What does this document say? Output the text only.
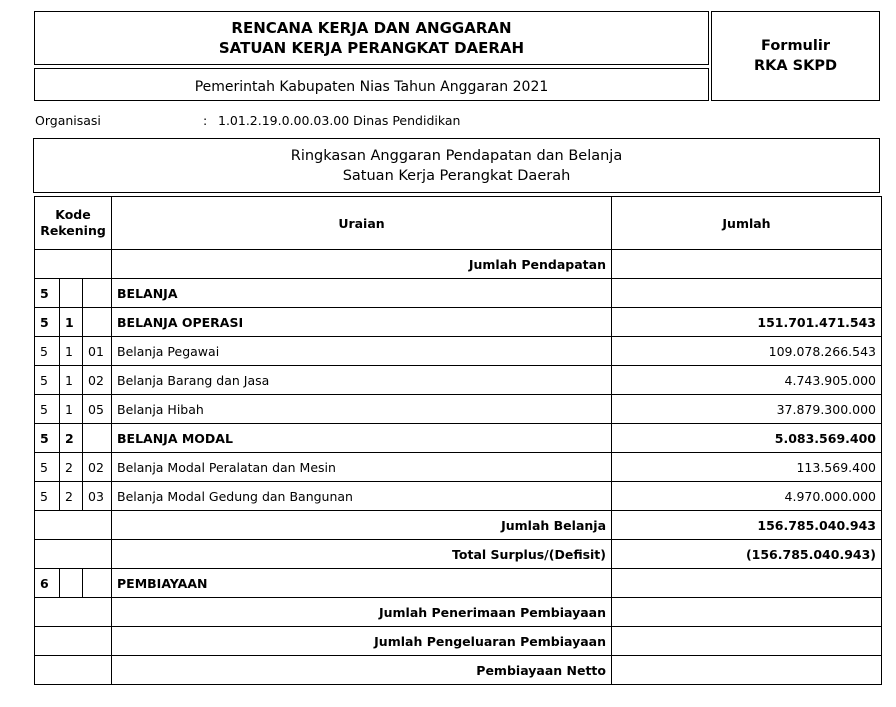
RENCANA KERJA DAN ANGGARAN
SATUAN KERJA PERANGKAT DAERAH
Pemerintah Kabupaten Nias Tahun Anggaran 2021
Formulir
RKA SKPD
Organisasi	: 1.01.2.19.0.00.03.00 Dinas Pendidikan
Ringkasan Anggaran Pendapatan dan Belanja
Satuan Kerja Perangkat Daerah
Kode
Rekening			Uraian	Jumlah
			Jumlah Pendapatan	
5			BELANJA	
5	1		BELANJA OPERASI	151.701.471.543
5	1	01	Belanja Pegawai	109.078.266.543
5	1	02	Belanja Barang dan Jasa	4.743.905.000
5	1	05	Belanja Hibah	37.879.300.000
5	2		BELANJA MODAL	5.083.569.400
5	2	02	Belanja Modal Peralatan dan Mesin	113.569.400
5	2	03	Belanja Modal Gedung dan Bangunan	4.970.000.000
			Jumlah Belanja	156.785.040.943
			Total Surplus/(Defisit)	(156.785.040.943)
6			PEMBIAYAAN	
			Jumlah Penerimaan Pembiayaan	
			Jumlah Pengeluaran Pembiayaan	
			Pembiayaan Netto	
